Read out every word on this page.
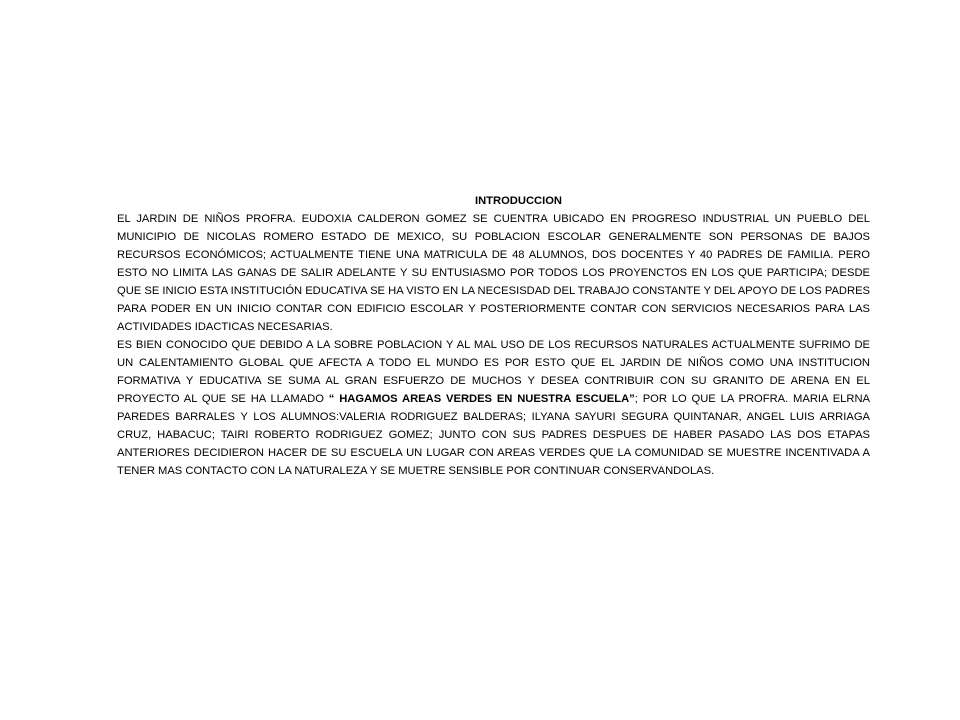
INTRODUCCION

EL JARDIN DE NIÑOS PROFRA. EUDOXIA CALDERON GOMEZ SE CUENTRA UBICADO EN PROGRESO INDUSTRIAL UN PUEBLO DEL MUNICIPIO DE NICOLAS ROMERO ESTADO DE MEXICO, SU POBLACION ESCOLAR GENERALMENTE SON PERSONAS DE BAJOS RECURSOS ECONÓMICOS; ACTUALMENTE TIENE UNA MATRICULA DE 48 ALUMNOS, DOS DOCENTES Y 40 PADRES DE FAMILIA. PERO ESTO NO LIMITA LAS GANAS DE SALIR ADELANTE Y SU ENTUSIASMO POR TODOS LOS PROYENCTOS EN LOS QUE PARTICIPA; DESDE QUE SE INICIO ESTA INSTITUCIÓN EDUCATIVA SE HA VISTO EN LA NECESISDAD DEL TRABAJO CONSTANTE Y DEL APOYO DE LOS PADRES PARA PODER EN UN INICIO CONTAR CON EDIFICIO ESCOLAR Y POSTERIORMENTE CONTAR CON SERVICIOS NECESARIOS PARA LAS ACTIVIDADES IDACTICAS NECESARIAS.

ES BIEN CONOCIDO QUE DEBIDO A LA SOBRE POBLACION Y AL MAL USO DE LOS RECURSOS NATURALES ACTUALMENTE SUFRIMO DE UN CALENTAMIENTO GLOBAL QUE AFECTA A TODO EL MUNDO ES POR ESTO QUE EL JARDIN DE NIÑOS COMO UNA INSTITUCION FORMATIVA Y EDUCATIVA SE SUMA AL GRAN ESFUERZO DE MUCHOS Y DESEA CONTRIBUIR CON SU GRANITO DE ARENA EN EL PROYECTO AL QUE SE HA LLAMADO “ HAGAMOS AREAS VERDES EN NUESTRA ESCUELA”; POR LO QUE LA PROFRA. MARIA ELRNA PAREDES BARRALES Y LOS ALUMNOS:VALERIA RODRIGUEZ BALDERAS; ILYANA SAYURI SEGURA QUINTANAR, ANGEL LUIS ARRIAGA CRUZ, HABACUC; TAIRI ROBERTO RODRIGUEZ GOMEZ; JUNTO CON SUS PADRES DESPUES DE HABER PASADO LAS DOS ETAPAS ANTERIORES DECIDIERON HACER DE SU ESCUELA UN LUGAR CON AREAS VERDES QUE LA COMUNIDAD SE MUESTRE INCENTIVADA A TENER MAS CONTACTO CON LA NATURALEZA Y SE MUETRE SENSIBLE POR CONTINUAR CONSERVANDOLAS.
